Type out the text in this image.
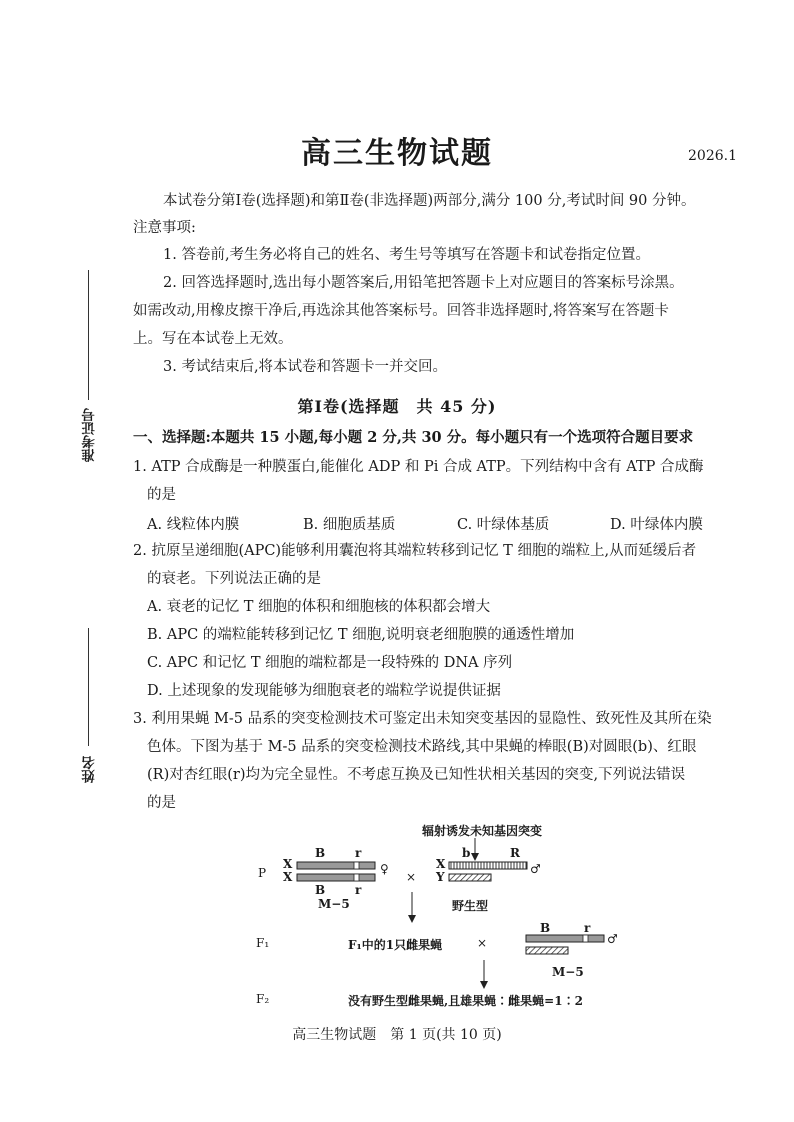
高三生物试题	2026.1
本试卷分第Ⅰ卷(选择题)和第Ⅱ卷(非选择题)两部分,满分 100 分,考试时间 90 分钟。
注意事项:
1. 答卷前,考生务必将自己的姓名、考生号等填写在答题卡和试卷指定位置。
2. 回答选择题时,选出每小题答案后,用铅笔把答题卡上对应题目的答案标号涂黑。
如需改动,用橡皮擦干净后,再选涂其他答案标号。回答非选择题时,将答案写在答题卡
上。写在本试卷上无效。
3. 考试结束后,将本试卷和答题卡一并交回。
准考证号
姓名
第Ⅰ卷(选择题　共 45 分)
一、选择题:本题共 15 小题,每小题 2 分,共 30 分。每小题只有一个选项符合题目要求
1. ATP 合成酶是一种膜蛋白,能催化 ADP 和 Pi 合成 ATP。下列结构中含有 ATP 合成酶
的是
A. 线粒体内膜	B. 细胞质基质	C. 叶绿体基质	D. 叶绿体内膜
2. 抗原呈递细胞(APC)能够利用囊泡将其端粒转移到记忆 T 细胞的端粒上,从而延缓后者
的衰老。下列说法正确的是
A. 衰老的记忆 T 细胞的体积和细胞核的体积都会增大
B. APC 的端粒能转移到记忆 T 细胞,说明衰老细胞膜的通透性增加
C. APC 和记忆 T 细胞的端粒都是一段特殊的 DNA 序列
D. 上述现象的发现能够为细胞衰老的端粒学说提供证据
3. 利用果蝇 M-5 品系的突变检测技术可鉴定出未知突变基因的显隐性、致死性及其所在染
色体。下图为基于 M-5 品系的突变检测技术路线,其中果蝇的棒眼(B)对圆眼(b)、红眼
(R)对杏红眼(r)均为完全显性。不考虑互换及已知性状相关基因的突变,下列说法错误
的是
辐射诱发未知基因突变
P
X
X
B r
B r
♀
×
X
Y
b	R
♂
M−5	野生型
F₁	F₁中的1只雌果蝇	×
B	r
♂
M−5
F₂	没有野生型雌果蝇,且雄果蝇∶雌果蝇=1∶2
高三生物试题　第 1 页(共 10 页)
